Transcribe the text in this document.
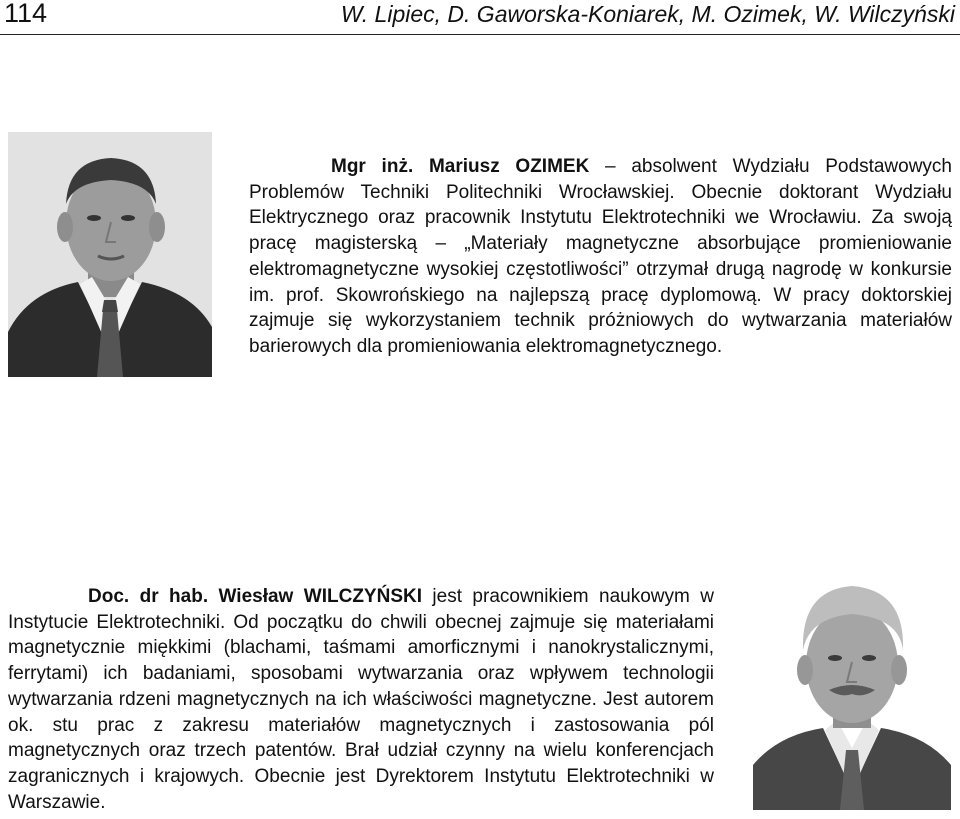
114	W. Lipiec, D. Gaworska-Koniarek, M. Ozimek, W. Wilczyński
Mgr inż. Mariusz OZIMEK – absolwent Wydziału Podstawowych Problemów Techniki Politechniki Wrocławskiej. Obecnie doktorant Wydziału Elektrycznego oraz pracownik Instytutu Elektrotechniki we Wrocławiu. Za swoją pracę magisterską – „Materiały magnetyczne absorbujące promieniowanie elektromagnetyczne wysokiej częstotliwości” otrzymał drugą nagrodę w konkursie im. prof. Skowrońskiego na najlepszą pracę dyplomową. W pracy doktorskiej zajmuje się wykorzystaniem technik próżniowych do wytwarzania materiałów barierowych dla promieniowania elektromagnetycznego.
Doc. dr hab. Wiesław WILCZYŃSKI jest pracownikiem naukowym w Instytucie Elektrotechniki. Od początku do chwili obecnej zajmuje się materiałami magnetycznie miękkimi (blachami, taśmami amorficznymi i nanokrystalicznymi, ferrytami) ich badaniami, sposobami wytwarzania oraz wpływem technologii wytwarzania rdzeni magnetycznych na ich właściwości magnetyczne. Jest autorem ok. stu prac z zakresu materiałów magnetycznych i zastosowania pól magnetycznych oraz trzech patentów. Brał udział czynny na wielu konferencjach zagranicznych i krajowych. Obecnie jest Dyrektorem Instytutu Elektrotechniki w Warszawie.
